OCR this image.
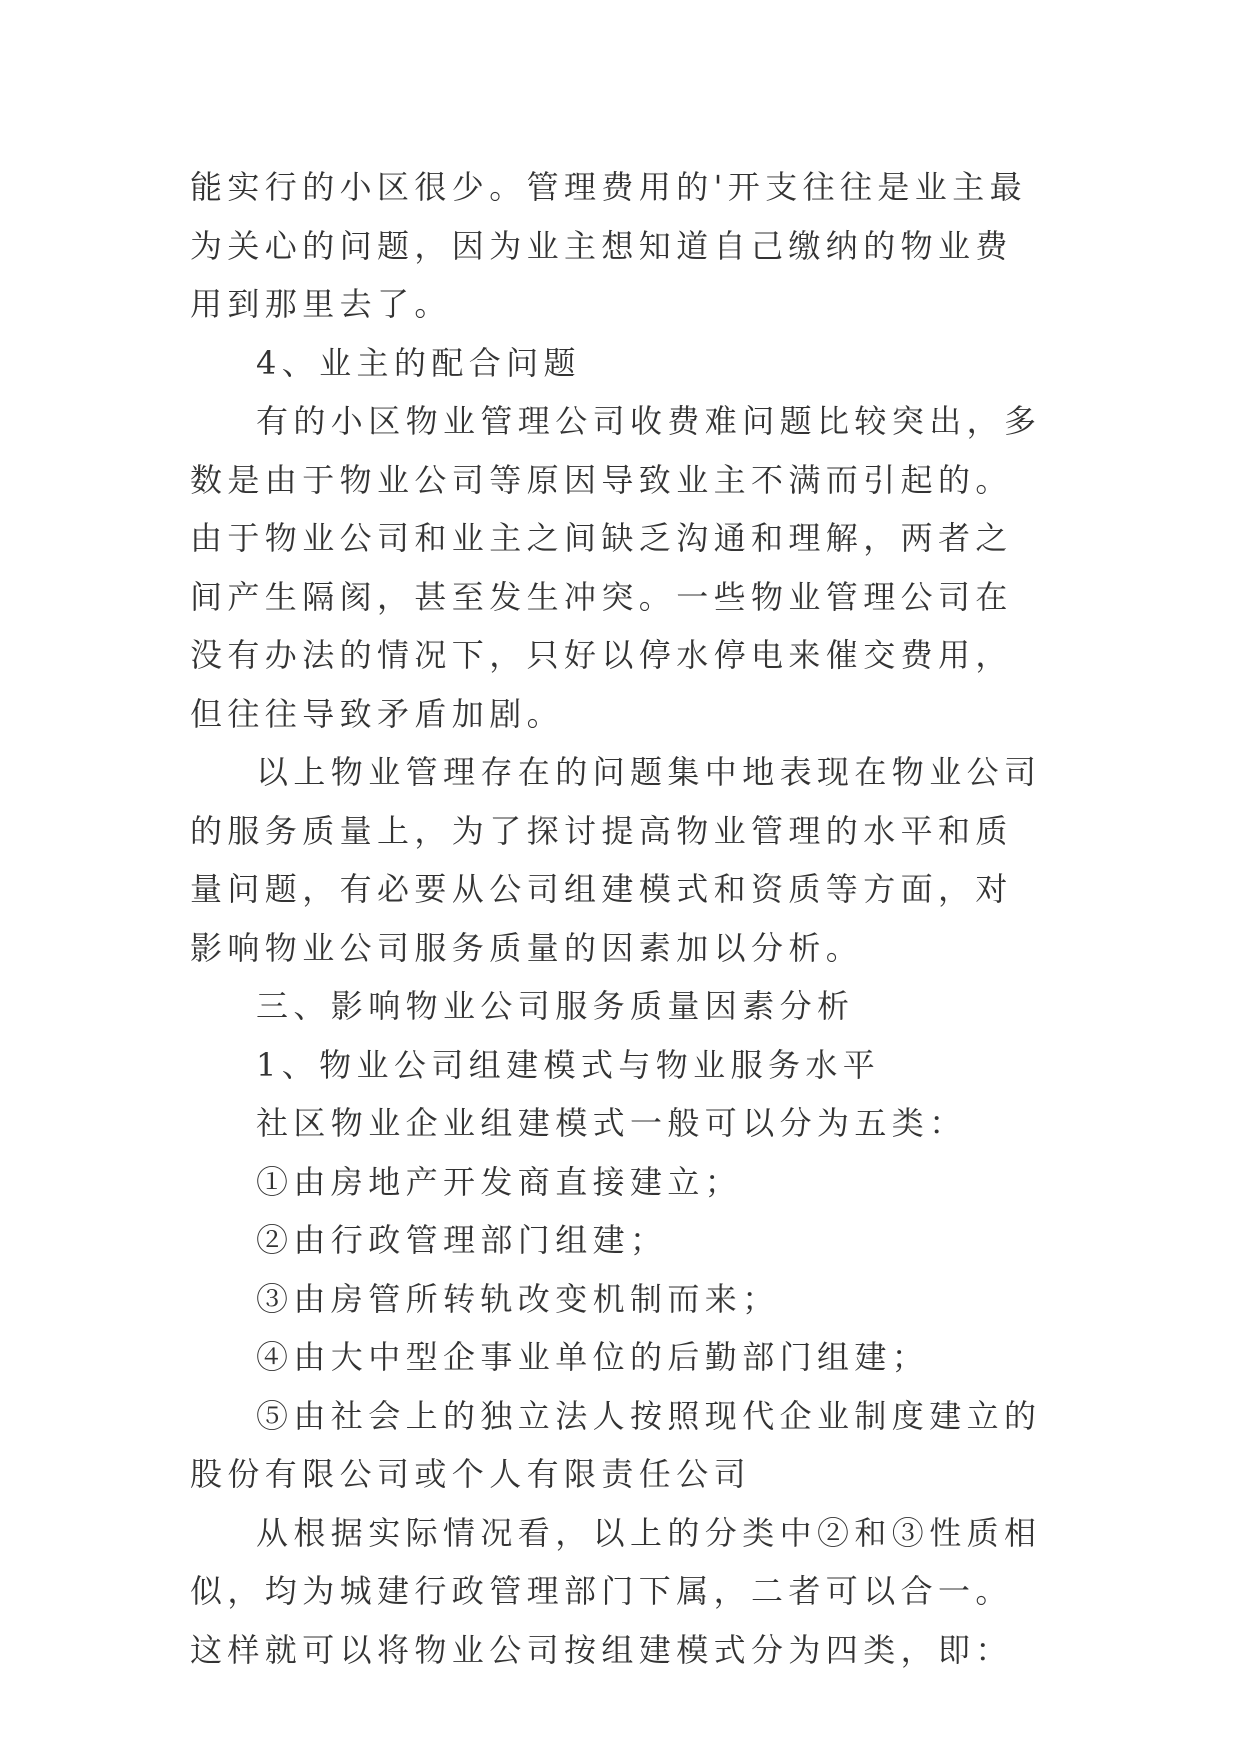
能实行的小区很少。管理费用的'开支往往是业主最为关心的问题，因为业主想知道自己缴纳的物业费用到那里去了。

4、业主的配合问题

有的小区物业管理公司收费难问题比较突出，多数是由于物业公司等原因导致业主不满而引起的。由于物业公司和业主之间缺乏沟通和理解，两者之间产生隔阂，甚至发生冲突。一些物业管理公司在没有办法的情况下，只好以停水停电来催交费用，但往往导致矛盾加剧。

以上物业管理存在的问题集中地表现在物业公司的服务质量上，为了探讨提高物业管理的水平和质量问题，有必要从公司组建模式和资质等方面，对影响物业公司服务质量的因素加以分析。

三、影响物业公司服务质量因素分析

1、物业公司组建模式与物业服务水平

社区物业企业组建模式一般可以分为五类：

①由房地产开发商直接建立；

②由行政管理部门组建；

③由房管所转轨改变机制而来；

④由大中型企事业单位的后勤部门组建；

⑤由社会上的独立法人按照现代企业制度建立的股份有限公司或个人有限责任公司

从根据实际情况看，以上的分类中②和③性质相似，均为城建行政管理部门下属，二者可以合一。这样就可以将物业公司按组建模式分为四类，即：
